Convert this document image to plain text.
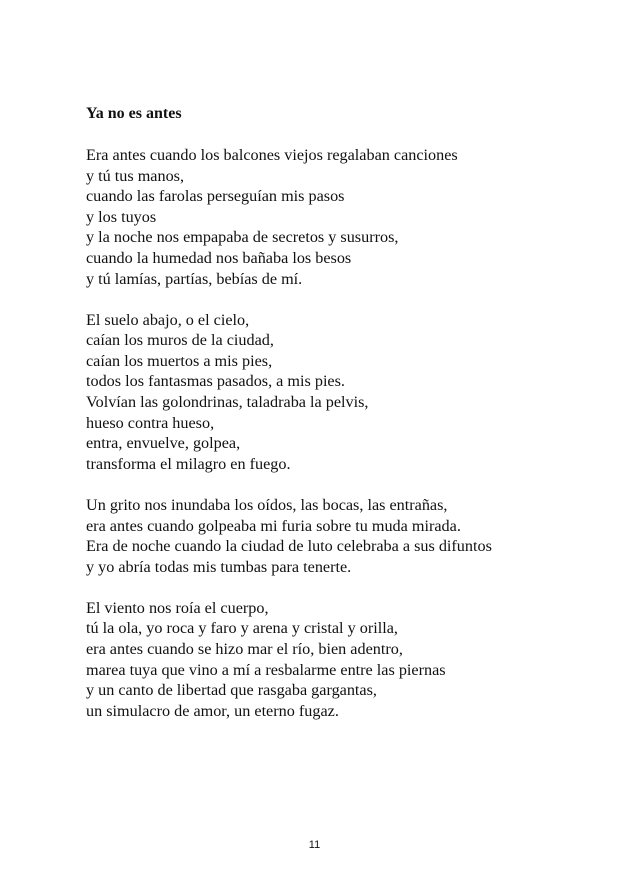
Ya no es antes
Era antes cuando los balcones viejos regalaban canciones
y tú tus manos,
cuando las farolas perseguían mis pasos
y los tuyos
y la noche nos empapaba de secretos y susurros,
cuando la humedad nos bañaba los besos
y tú lamías, partías, bebías de mí.
El suelo abajo, o el cielo,
caían los muros de la ciudad,
caían los muertos a mis pies,
todos los fantasmas pasados, a mis pies.
Volvían las golondrinas, taladraba la pelvis,
hueso contra hueso,
entra, envuelve, golpea,
transforma el milagro en fuego.
Un grito nos inundaba los oídos, las bocas, las entrañas,
era antes cuando golpeaba mi furia sobre tu muda mirada.
Era de noche cuando la ciudad de luto celebraba a sus difuntos
y yo abría todas mis tumbas para tenerte.
El viento nos roía el cuerpo,
tú la ola, yo roca y faro y arena y cristal y orilla,
era antes cuando se hizo mar el río, bien adentro,
marea tuya que vino a mí a resbalarme entre las piernas
y un canto de libertad que rasgaba gargantas,
un simulacro de amor, un eterno fugaz.
11
